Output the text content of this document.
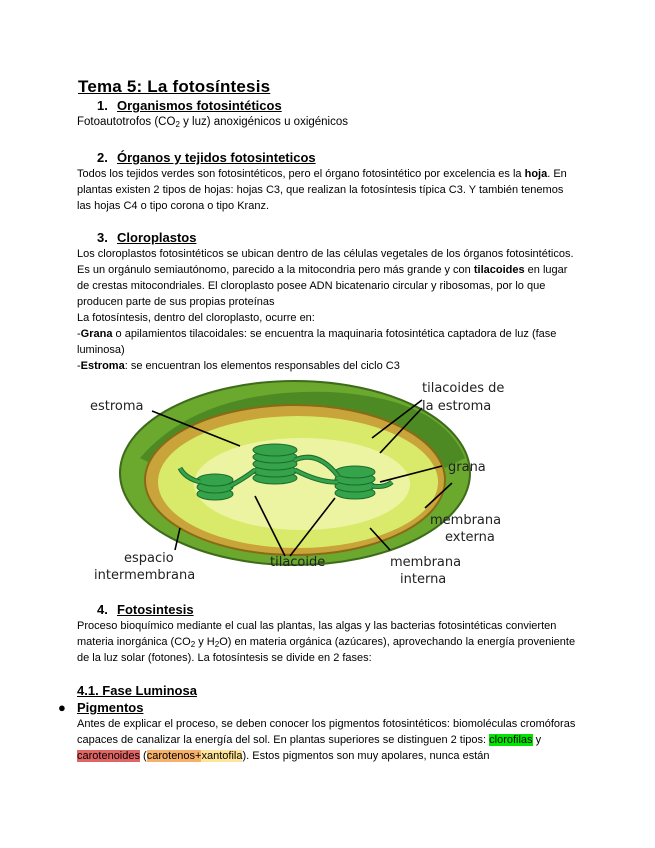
Tema 5: La fotosíntesis
1. Organismos fotosintéticos
Fotoautotrofos ($CO_2$ y luz) anoxigénicos u oxigénicos
2. Órganos y tejidos fotosinteticos
Todos los tejidos verdes son fotosintéticos, pero el órgano fotosintético por excelencia es la hoja. En plantas existen 2 tipos de hojas: hojas C3, que realizan la fotosíntesis típica C3. Y también tenemos las hojas C4 o tipo corona o tipo Kranz.
3. Cloroplastos

Los cloroplastos fotosintéticos se ubican dentro de las células vegetales de los órganos fotosintéticos. Es un orgánulo semiautónomo, parecido a la mitocondria pero más grande y con tilacoides en lugar de crestas mitocondriales. El cloroplasto posee ADN bicatenario circular y ribosomas, por lo que producen parte de sus propias proteínas

La fotosíntesis, dentro del cloroplasto, ocurre en:

-Grana o apilamientos tilacoidales: se encuentra la maquinaria fotosintética captadora de luz (fase luminosa)

-Estroma: se encuentran los elementos responsables del ciclo C3

estroma
tilacoides de
la estroma
grana
membrana
externa
espacio
intermembrana
tilacoide	membrana
interna
4. Fotosintesis
Proceso bioquímico mediante el cual las plantas, las algas y las bacterias fotosintéticas convierten materia inorgánica ($CO_2$ y $H_2O$) en materia orgánica (azúcares), aprovechando la energía proveniente de la luz solar (fotones). La fotosíntesis se divide en 2 fases:
4.1. Fase Luminosa
● Pigmentos
Antes de explicar el proceso, se deben conocer los pigmentos fotosintéticos: biomoléculas cromóforas capaces de canalizar la energía del sol. En plantas superiores se distinguen 2 tipos: clorofilas y carotenoides (carotenos+xantofila). Estos pigmentos son muy apolares, nunca están
